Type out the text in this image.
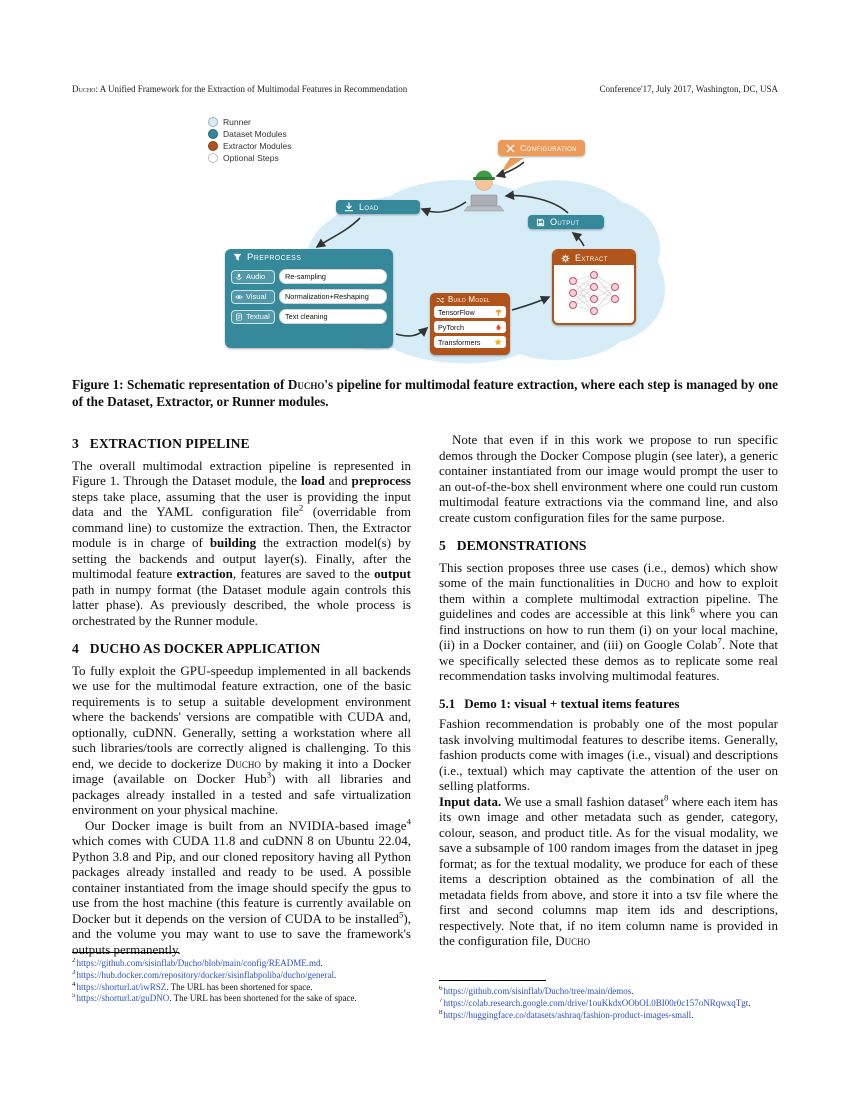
Ducho: A Unified Framework for the Extraction of Multimodal Features in Recommendation	Conference'17, July 2017, Washington, DC, USA
Runner
Dataset Modules
Extractor Modules
Optional Steps
Configuration
Load
Output
Preprocess
Audio	Re-sampling
Visual	Normalization+Reshaping
Textual	Text cleaning
Build Model
TensorFlow
PyTorch
Transformers
Extract
Figure 1: Schematic representation of Ducho's pipeline for multimodal feature extraction, where each step is managed by one of the Dataset, Extractor, or Runner modules.
3 EXTRACTION PIPELINE

The overall multimodal extraction pipeline is represented in Figure 1. Through the Dataset module, the load and preprocess steps take place, assuming that the user is providing the input data and the YAML configuration file$^2$ (overridable from command line) to customize the extraction. Then, the Extractor module is in charge of building the extraction model(s) by setting the backends and output layer(s). Finally, after the multimodal feature extraction, features are saved to the output path in numpy format (the Dataset module again controls this latter phase). As previously described, the whole process is orchestrated by the Runner module.

4 DUCHO AS DOCKER APPLICATION

To fully exploit the GPU-speedup implemented in all backends we use for the multimodal feature extraction, one of the basic requirements is to setup a suitable development environment where the backends' versions are compatible with CUDA and, optionally, cuDNN. Generally, setting a workstation where all such libraries/tools are correctly aligned is challenging. To this end, we decide to dockerize Ducho by making it into a Docker image (available on Docker Hub$^3$) with all libraries and packages already installed in a tested and safe virtualization environment on your physical machine.

Our Docker image is built from an NVIDIA-based image$^4$ which comes with CUDA 11.8 and cuDNN 8 on Ubuntu 22.04, Python 3.8 and Pip, and our cloned repository having all Python packages already installed and ready to be used. A possible container instantiated from the image should specify the gpus to use from the host machine (this feature is currently available on Docker but it depends on the version of CUDA to be installed$^5$), and the volume you may want to use to save the framework's outputs permanently.

Note that even if in this work we propose to run specific demos through the Docker Compose plugin (see later), a generic container instantiated from our image would prompt the user to an out-of-the-box shell environment where one could run custom multimodal feature extractions via the command line, and also create custom configuration files for the same purpose.

5 DEMONSTRATIONS

This section proposes three use cases (i.e., demos) which show some of the main functionalities in Ducho and how to exploit them within a complete multimodal extraction pipeline. The guidelines and codes are accessible at this link$^6$ where you can find instructions on how to run them (i) on your local machine, (ii) in a Docker container, and (iii) on Google Colab$^7$. Note that we specifically selected these demos as to replicate some real recommendation tasks involving multimodal features.

5.1 Demo 1: visual + textual items features

Fashion recommendation is probably one of the most popular task involving multimodal features to describe items. Generally, fashion products come with images (i.e., visual) and descriptions (i.e., textual) which may captivate the attention of the user on selling platforms.

Input data. We use a small fashion dataset$^8$ where each item has its own image and other metadata such as gender, category, colour, season, and product title. As for the visual modality, we save a subsample of 100 random images from the dataset in jpeg format; as for the textual modality, we produce for each of these items a description obtained as the combination of all the metadata fields from above, and store it into a tsv file where the first and second columns map item ids and descriptions, respectively. Note that, if no item column name is provided in the configuration file, Ducho

$^2$https://github.com/sisinflab/Ducho/blob/main/config/README.md.
$^3$https://hub.docker.com/repository/docker/sisinflabpoliba/ducho/general.
$^4$https://shorturl.at/iwRSZ. The URL has been shortened for space.
$^5$https://shorturl.at/guDNO. The URL has been shortened for the sake of space.
$^6$https://github.com/sisinflab/Ducho/tree/main/demos.
$^7$https://colab.research.google.com/drive/1ouKkdxOObOL0BI00r0c157oNRqwxqTgt.
$^8$https://huggingface.co/datasets/ashraq/fashion-product-images-small.
